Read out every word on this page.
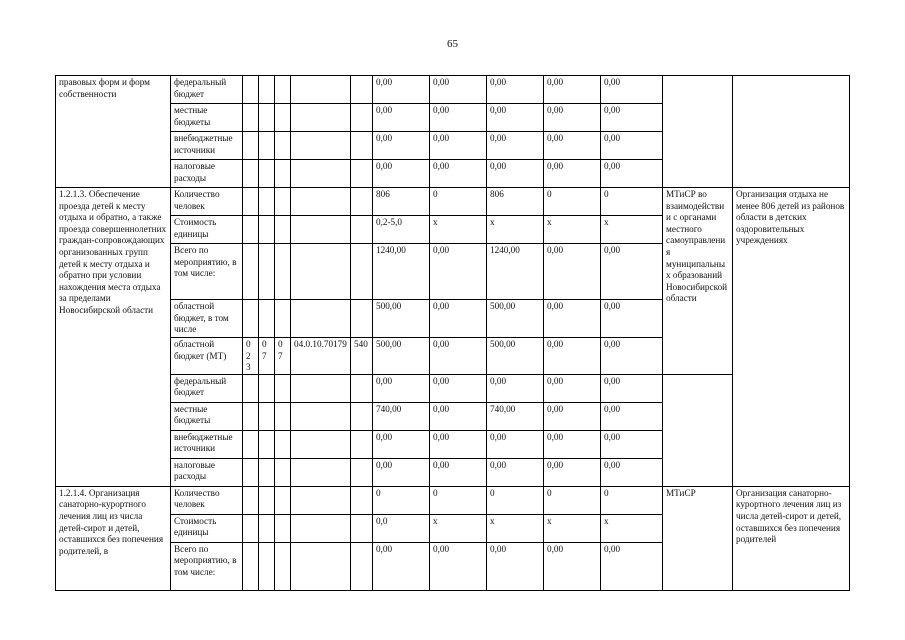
65
правовых форм и форм собственности	федеральный бюджет						0,00	0,00	0,00	0,00	0,00		
	местные бюджеты						0,00	0,00	0,00	0,00	0,00		
	внебюджетные источники						0,00	0,00	0,00	0,00	0,00		
	налоговые расходы						0,00	0,00	0,00	0,00	0,00		
1.2.1.3. Обеспечение проезда детей к месту отдыха и обратно, а также проезда совершеннолетних граждан-сопровождающих организованных групп детей к месту отдыха и обратно при условии нахождения места отдыха за пределами Новосибирской области	Количество человек						806	0	806	0	0	МТиСР во взаимодействии с органами местного самоуправления муниципальных образований Новосибирской области	Организация отдыха не менее 806 детей из районов области в детских оздоровительных учреждениях
	Стоимость единицы						0,2-5,0	х	х	х	х		
	Всего по мероприятию, в том числе:						1240,00	0,00	1240,00	0,00	0,00		
	областной бюджет, в том числе						500,00	0,00	500,00	0,00	0,00		
	областной бюджет (МТ)	023	07	07	04.0.10.70179	540	500,00	0,00	500,00	0,00	0,00		
	федеральный бюджет						0,00	0,00	0,00	0,00	0,00		
	местные бюджеты						740,00	0,00	740,00	0,00	0,00		
	внебюджетные источники						0,00	0,00	0,00	0,00	0,00		
	налоговые расходы						0,00	0,00	0,00	0,00	0,00		
1.2.1.4. Организация санаторно-курортного лечения лиц из числа детей-сирот и детей, оставшихся без попечения родителей, в	Количество человек						0	0	0	0	0	МТиСР	Организация санаторно-курортного лечения лиц из числа детей-сирот и детей, оставшихся без попечения родителей
	Стоимость единицы						0,0	х	х	х	х		
	Всего по мероприятию, в том числе:						0,00	0,00	0,00	0,00	0,00		
